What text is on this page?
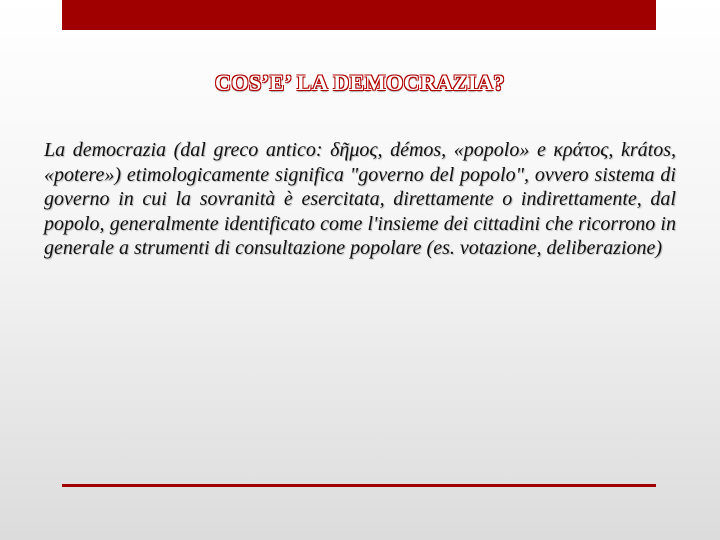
COS’E’ LA DEMOCRAZIA?

La democrazia (dal greco antico: δῆμος, démos, «popolo» e κράτος, krátos, «potere») etimologicamente significa "governo del popolo", ovvero sistema di governo in cui la sovranità è esercitata, direttamente o indirettamente, dal popolo, generalmente identificato come l'insieme dei cittadini che ricorrono in generale a strumenti di consultazione popolare (es. votazione, deliberazione)
